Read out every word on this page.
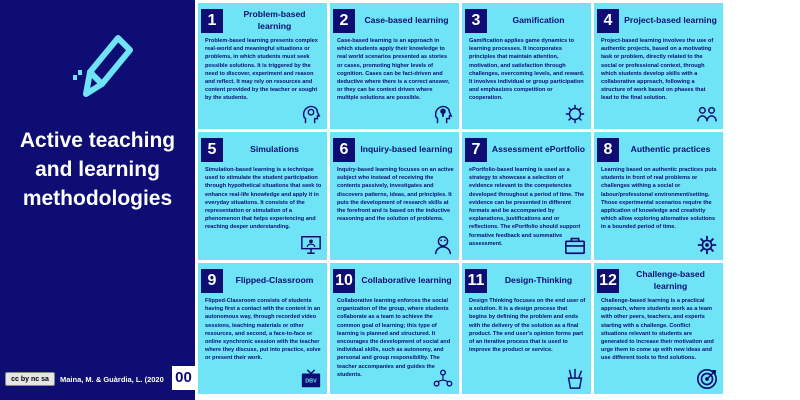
Active teaching
and learning
methodologies
cc by nc sa	Maina, M. & Guàrdia, L. (2020 00
1	Problem-based learning
Problem-based learning presents complex real-world and meaningful situations or problems, in which students must seek possible solutions. It is triggered by the need to discover, experiment and reason and reflect. It may rely on resources and content provided by the teacher or sought by the students.
2	Case-based learning
Case-based learning is an approach in which students apply their knowledge to real world scenarios presented as stories or cases, promoting higher levels of cognition. Cases can be fact-driven and deductive where there is a correct answer, or they can be context driven where multiple solutions are possible.
3	Gamification
Gamification applies game dynamics to learning processes. It incorporates principles that maintain attention, motivation, and satisfaction through challenges, overcoming levels, and reward. It involves individual or group participation and emphasizes competition or cooperation.
4	Project-based learning
Project-based learning involves the use of authentic projects, based on a motivating task or problem, directly related to the social or professional context, through which students develop skills with a collaborative approach, following a structure of work based on phases that lead to the final solution.
5	Simulations
Simulation-based learning is a technique used to stimulate the student participation through hypothetical situations that seek to enhance real-life knowledge and apply it in everyday situations. It consists of the representation or simulation of a phenomenon that helps experiencing and reaching deeper understanding.
6	Inquiry-based learning
Inquiry-based learning focuses on an active subject who instead of receiving the contents passively, investigates and discovers patterns, ideas, and principles. It puts the development of research skills at the forefront and is based on the inductive reasoning and the solution of problems.
7	Assessment ePortfolio
ePortfolio-based learning is used as a strategy to showcase a selection of evidence relevant to the competencies developed throughout a period of time. The evidence can be presented in different formats and be accompanied by explanations, justifications and or reflections. The ePortfolio should support formative feedback and summative assessment.
8	Authentic practices
Learning based on authentic practices puts students in front of real problems or challenges withing a social or labour/professional environment/setting. Those experimental scenarios require the application of knowledge and creativity which allow exploring alternative solutions in a bounded period of time.
9	Flipped-Classroom
Flipped-Classroom consists of students having first a contact with the content in an autonomous way, through recorded video sessions, teaching materials or other resources, and second, a face-to-face or online synchronic session with the teacher where they discuss, put into practice, solve or present their work.
DBV
10 Collaborative learning
Collaborative learning enforces the social organization of the group, where students collaborate as a team to achieve the common goal of learning; this type of learning is planned and structured. It encourages the development of social and individual skills, such as autonomy, and personal and group responsibility. The teacher accompanies and guides the students.
11	Design-Thinking
Design Thinking focuses on the end user of a solution. It is a design process that begins by defining the problem and ends with the delivery of the solution as a final product. The end user's opinion forms part of an iterative process that is used to improve the product or service.
12	Challenge-based learning
Challenge-based learning is a practical approach, where students work as a team with other peers, teachers, and experts starting with a challenge. Conflict situations relevant to students are generated to increase their motivation and urge them to come up with new ideas and use different tools to find solutions.
